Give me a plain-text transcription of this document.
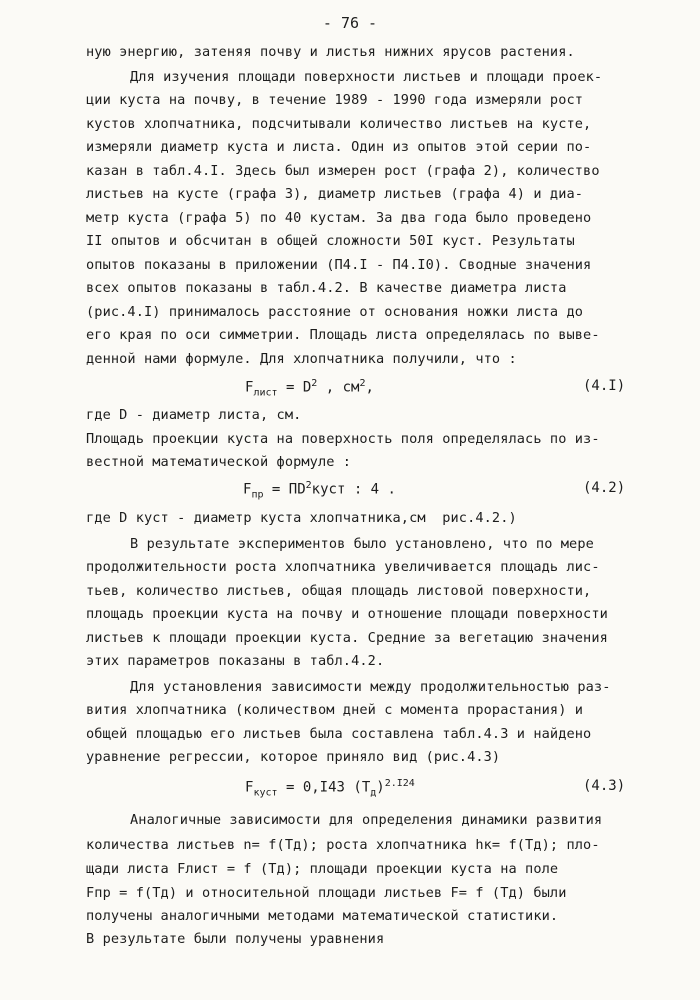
- 76 -
ную энергию, затеняя почву и листья нижних ярусов растения.
Для изучения площади поверхности листьев и площади проек-
ции куста на почву, в течение 1989 - 1990 года измеряли рост
кустов хлопчатника, подсчитывали количество листьев на кусте,
измеряли диаметр куста и листа. Один из опытов этой серии по-
казан в табл.4.I. Здесь был измерен рост (графа 2), количество
листьев на кусте (графа 3), диаметр листьев (графа 4) и диа-
метр куста (графа 5) по 40 кустам. За два года было проведено
II опытов и обсчитан в общей сложности 50I куст. Результаты
опытов показаны в приложении (П4.I - П4.I0). Сводные значения
всех опытов показаны в табл.4.2. В качестве диаметра листа
(рис.4.I) принималось расстояние от основания ножки листа до
его края по оси симметрии. Площадь листа определялась по выве-
денной нами формуле. Для хлопчатника получили, что :
$F_{лист} = D^2$ , $см^2$,	(4.I)
где D - диаметр листа, см.
Площадь проекции куста на поверхность поля определялась по из-
вестной математической формуле :
$F_{пр}$ = $ПD^2куст$ : 4 .	(4.2)
где D куст - диаметр куста хлопчатника,см  рис.4.2.)
В результате экспериментов было установлено, что по мере
продолжительности роста хлопчатника увеличивается площадь лис-
тьев, количество листьев, общая площадь листовой поверхности,
площадь проекции куста на почву и отношение площади поверхности
листьев к площади проекции куста. Средние за вегетацию значения
этих параметров показаны в табл.4.2.
Для установления зависимости между продолжительностью раз-
вития хлопчатника (количеством дней с момента прорастания) и
общей площадью его листьев была составлена табл.4.3 и найдено
уравнение регрессии, которое приняло вид (рис.4.3)
$F_{куст} = 0,I43$ $(Т_д)^{2.I24}$	(4.3)
Аналогичные зависимости для определения динамики развития
количества листьев n= f(Тд); роста хлопчатника hк= f(Тд); пло-
щади листа Fлист = f (Тд); площади проекции куста на поле
Fпр = f(Тд) и относительной площади листьев F= f (Тд) были
получены аналогичными методами математической статистики.
В результате были получены уравнения
